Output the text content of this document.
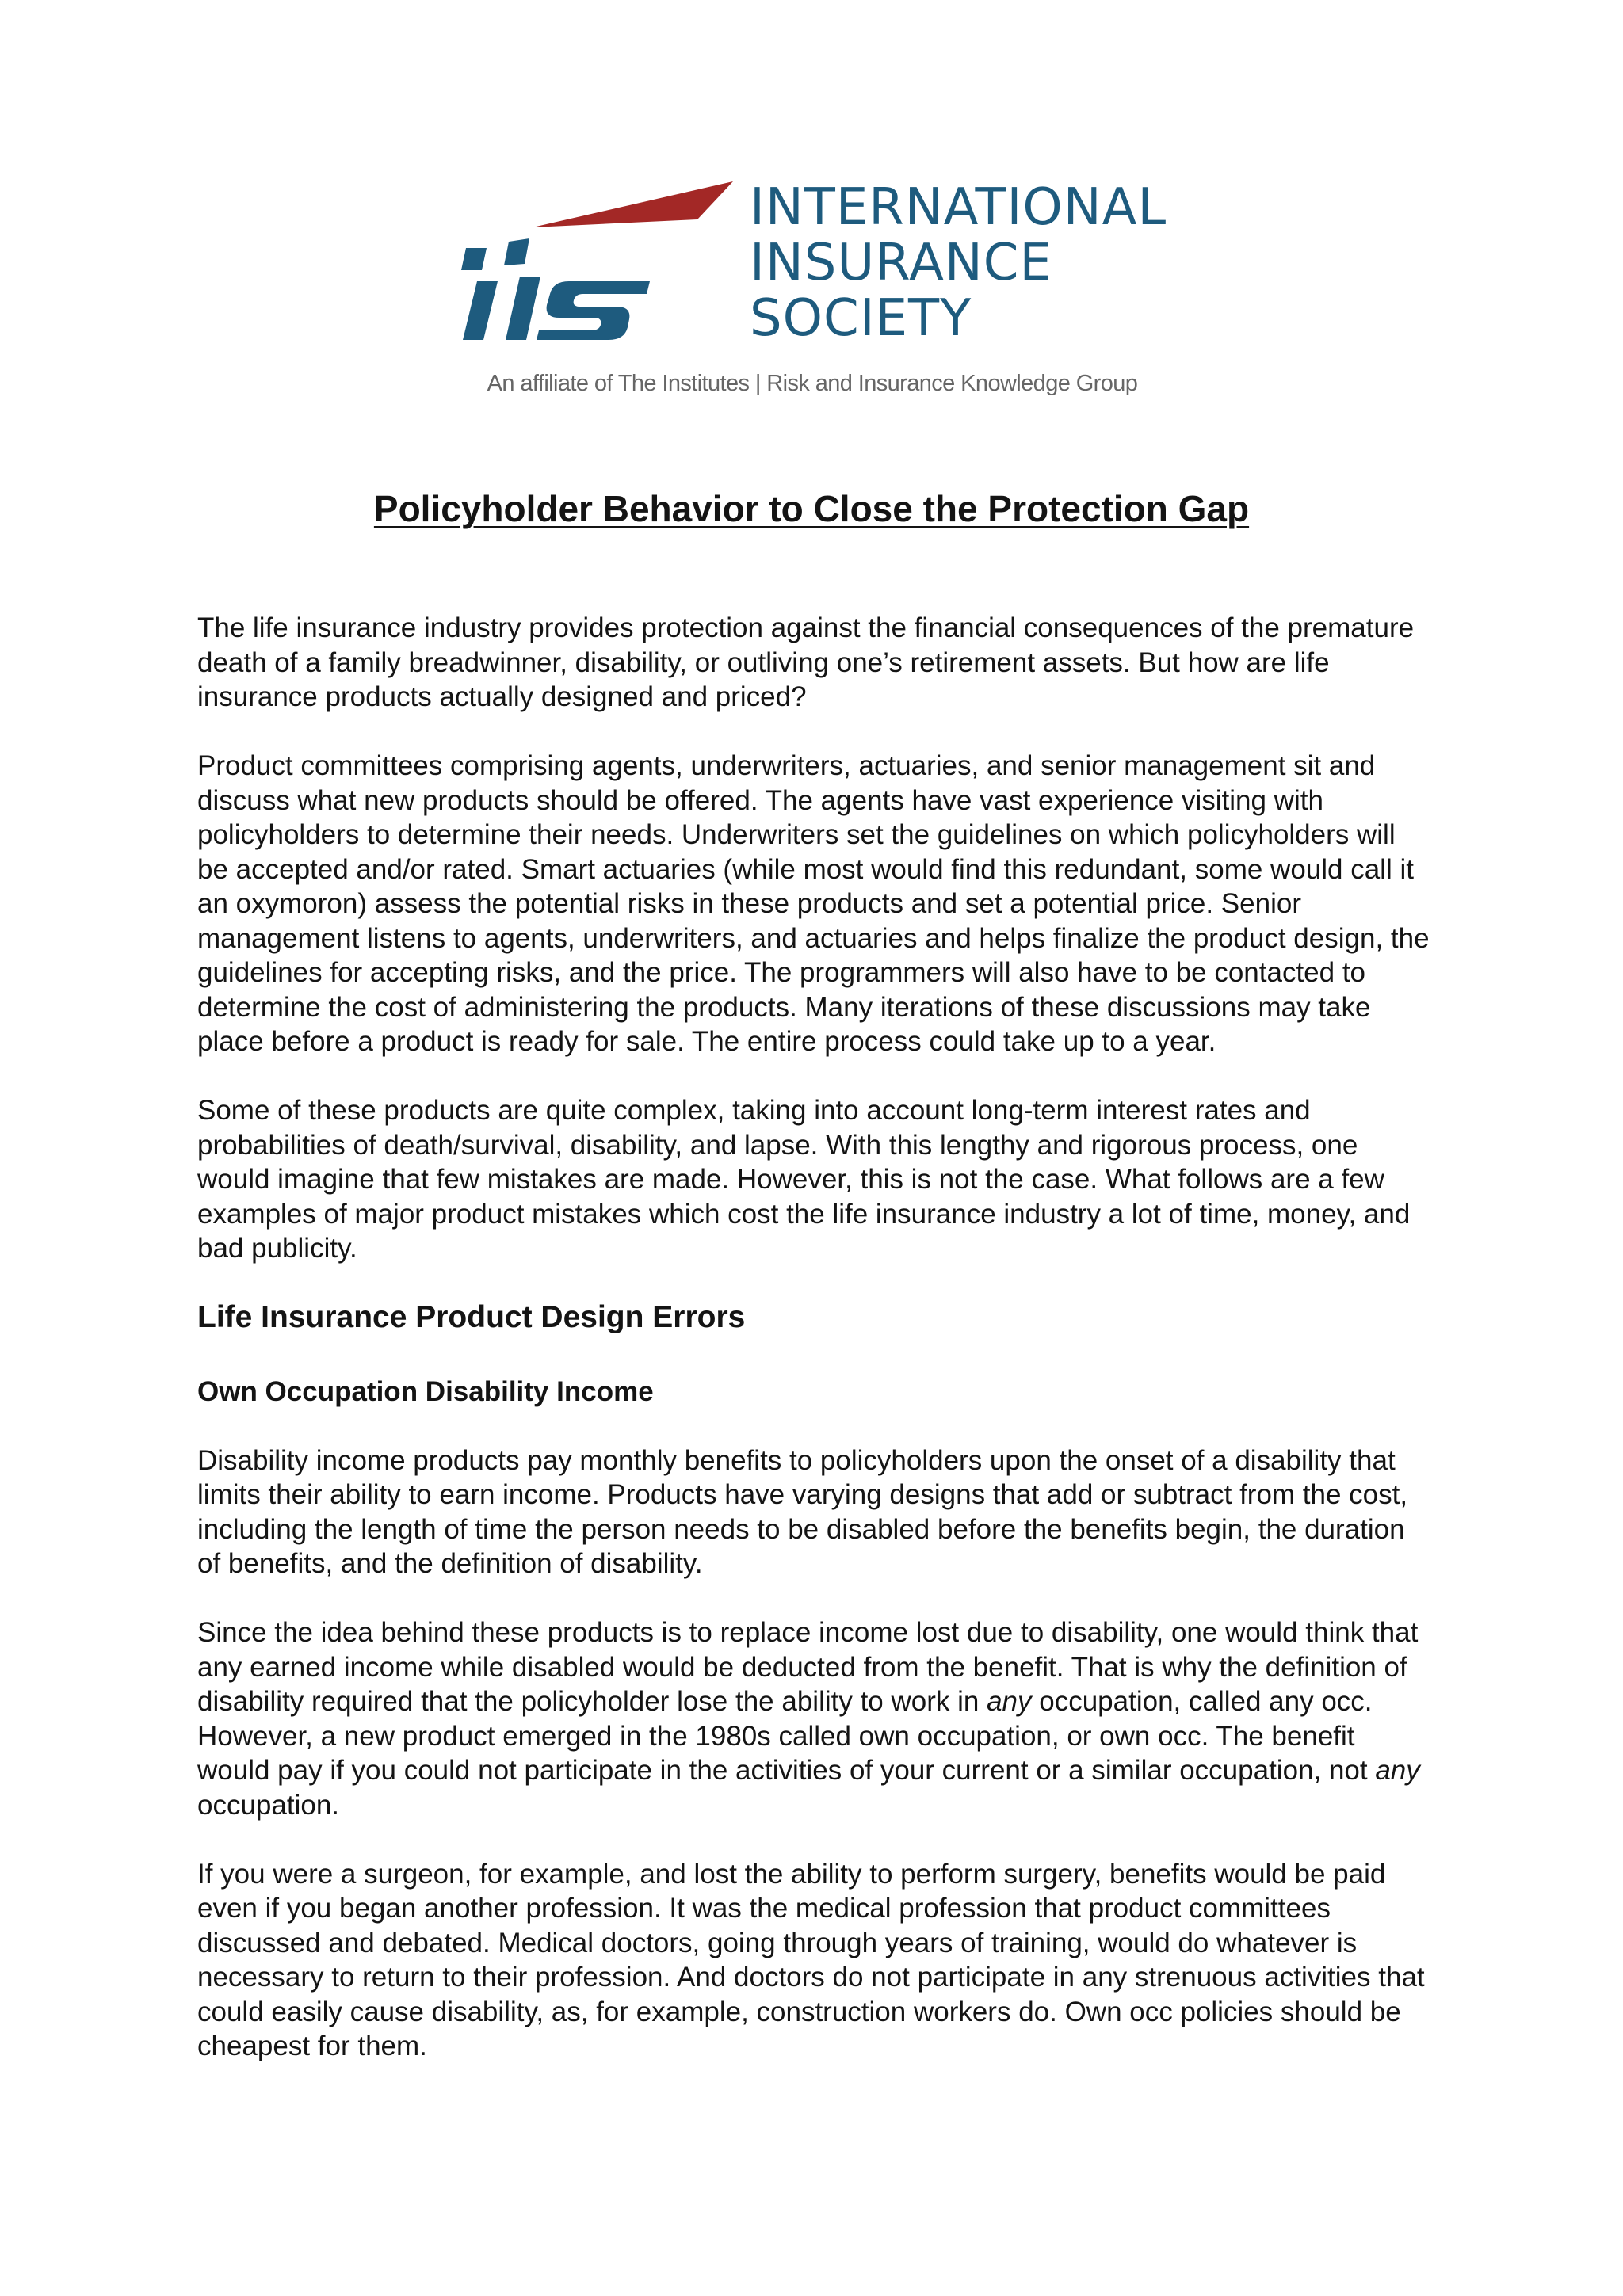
INTERNATIONAL
INSURANCE
SOCIETY
An affiliate of The Institutes | Risk and Insurance Knowledge Group
Policyholder Behavior to Close the Protection Gap

The life insurance industry provides protection against the financial consequences of the premature death of a family breadwinner, disability, or outliving one’s retirement assets. But how are life insurance products actually designed and priced?

Product committees comprising agents, underwriters, actuaries, and senior management sit and discuss what new products should be offered. The agents have vast experience visiting with policyholders to determine their needs. Underwriters set the guidelines on which policyholders will be accepted and/or rated. Smart actuaries (while most would find this redundant, some would call it an oxymoron) assess the potential risks in these products and set a potential price. Senior management listens to agents, underwriters, and actuaries and helps finalize the product design, the guidelines for accepting risks, and the price. The programmers will also have to be contacted to determine the cost of administering the products. Many iterations of these discussions may take place before a product is ready for sale. The entire process could take up to a year.

Some of these products are quite complex, taking into account long-term interest rates and probabilities of death/survival, disability, and lapse. With this lengthy and rigorous process, one would imagine that few mistakes are made. However, this is not the case. What follows are a few examples of major product mistakes which cost the life insurance industry a lot of time, money, and bad publicity.

Life Insurance Product Design Errors
Own Occupation Disability Income

Disability income products pay monthly benefits to policyholders upon the onset of a disability that limits their ability to earn income. Products have varying designs that add or subtract from the cost, including the length of time the person needs to be disabled before the benefits begin, the duration of benefits, and the definition of disability.

Since the idea behind these products is to replace income lost due to disability, one would think that any earned income while disabled would be deducted from the benefit. That is why the definition of disability required that the policyholder lose the ability to work in any occupation, called any occ. However, a new product emerged in the 1980s called own occupation, or own occ. The benefit would pay if you could not participate in the activities of your current or a similar occupation, not any occupation.

If you were a surgeon, for example, and lost the ability to perform surgery, benefits would be paid even if you began another profession. It was the medical profession that product committees discussed and debated. Medical doctors, going through years of training, would do whatever is necessary to return to their profession. And doctors do not participate in any strenuous activities that could easily cause disability, as, for example, construction workers do. Own occ policies should be cheapest for them.
